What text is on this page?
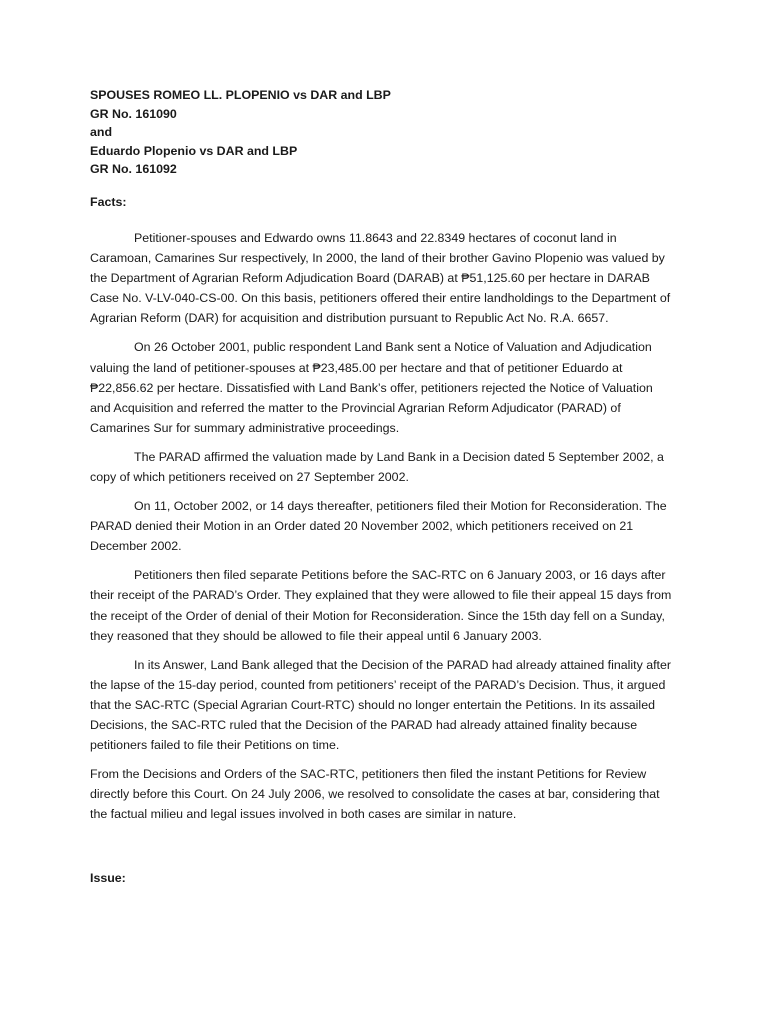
SPOUSES ROMEO LL. PLOPENIO vs DAR and LBP
GR No. 161090
and
Eduardo Plopenio vs DAR and LBP
GR No. 161092
Facts:

Petitioner-spouses and Edwardo owns 11.8643 and 22.8349 hectares of coconut land in Caramoan, Camarines Sur respectively, In 2000, the land of their brother Gavino Plopenio was valued by the Department of Agrarian Reform Adjudication Board (DARAB) at ₱51,125.60 per hectare in DARAB Case No. V-LV-040-CS-00. On this basis, petitioners offered their entire landholdings to the Department of Agrarian Reform (DAR) for acquisition and distribution pursuant to Republic Act No. R.A. 6657.

On 26 October 2001, public respondent Land Bank sent a Notice of Valuation and Adjudication valuing the land of petitioner-spouses at ₱23,485.00 per hectare and that of petitioner Eduardo at ₱22,856.62 per hectare. Dissatisfied with Land Bank’s offer, petitioners rejected the Notice of Valuation and Acquisition and referred the matter to the Provincial Agrarian Reform Adjudicator (PARAD) of Camarines Sur for summary administrative proceedings.

The PARAD affirmed the valuation made by Land Bank in a Decision dated 5 September 2002, a copy of which petitioners received on 27 September 2002.

On 11, October 2002, or 14 days thereafter, petitioners filed their Motion for Reconsideration. The PARAD denied their Motion in an Order dated 20 November 2002, which petitioners received on 21 December 2002.

Petitioners then filed separate Petitions before the SAC-RTC on 6 January 2003, or 16 days after their receipt of the PARAD’s Order. They explained that they were allowed to file their appeal 15 days from the receipt of the Order of denial of their Motion for Reconsideration. Since the 15th day fell on a Sunday, they reasoned that they should be allowed to file their appeal until 6 January 2003.

In its Answer, Land Bank alleged that the Decision of the PARAD had already attained finality after the lapse of the 15-day period, counted from petitioners’ receipt of the PARAD’s Decision. Thus, it argued that the SAC-RTC (Special Agrarian Court-RTC) should no longer entertain the Petitions. In its assailed Decisions, the SAC-RTC ruled that the Decision of the PARAD had already attained finality because petitioners failed to file their Petitions on time.

From the Decisions and Orders of the SAC-RTC, petitioners then filed the instant Petitions for Review directly before this Court. On 24 July 2006, we resolved to consolidate the cases at bar, considering that the factual milieu and legal issues involved in both cases are similar in nature.

Issue:
